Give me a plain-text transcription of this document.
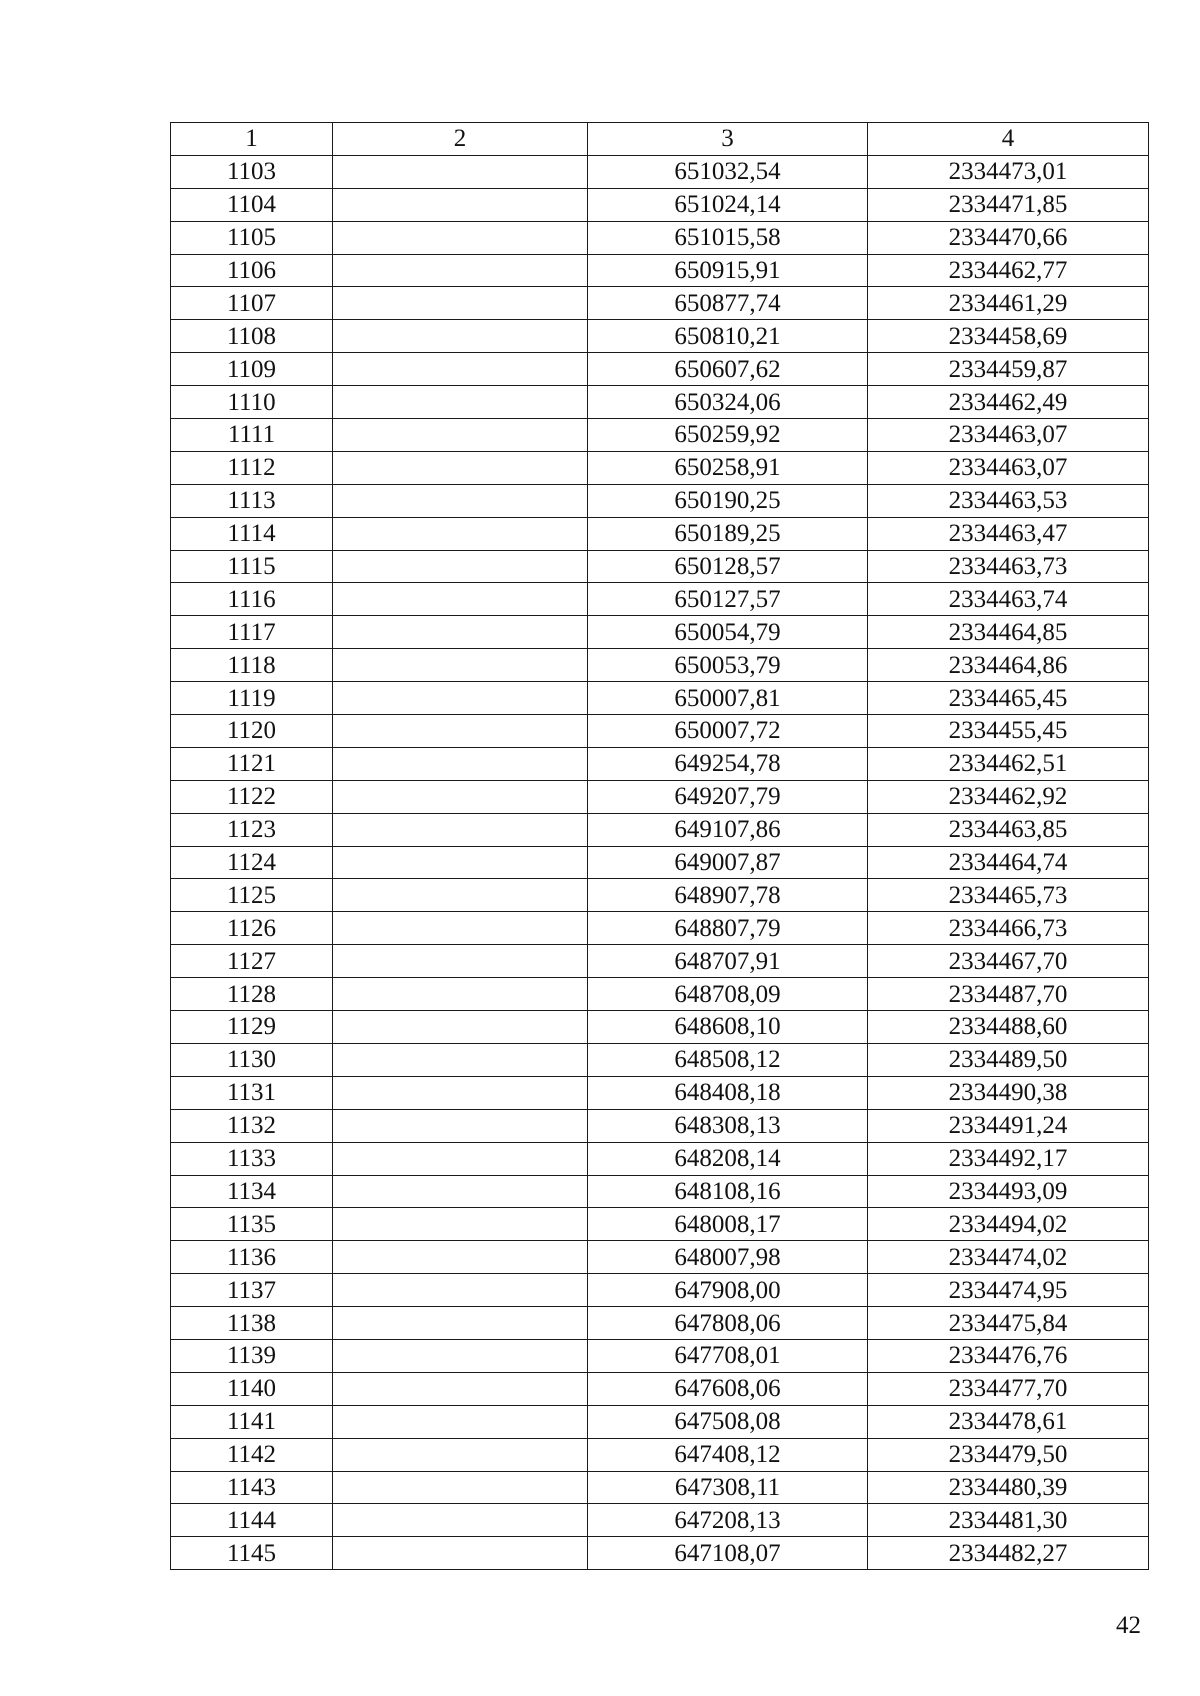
1	2	3	4
1103		651032,54	2334473,01
1104		651024,14	2334471,85
1105		651015,58	2334470,66
1106		650915,91	2334462,77
1107		650877,74	2334461,29
1108		650810,21	2334458,69
1109		650607,62	2334459,87
1110		650324,06	2334462,49
1111		650259,92	2334463,07
1112		650258,91	2334463,07
1113		650190,25	2334463,53
1114		650189,25	2334463,47
1115		650128,57	2334463,73
1116		650127,57	2334463,74
1117		650054,79	2334464,85
1118		650053,79	2334464,86
1119		650007,81	2334465,45
1120		650007,72	2334455,45
1121		649254,78	2334462,51
1122		649207,79	2334462,92
1123		649107,86	2334463,85
1124		649007,87	2334464,74
1125		648907,78	2334465,73
1126		648807,79	2334466,73
1127		648707,91	2334467,70
1128		648708,09	2334487,70
1129		648608,10	2334488,60
1130		648508,12	2334489,50
1131		648408,18	2334490,38
1132		648308,13	2334491,24
1133		648208,14	2334492,17
1134		648108,16	2334493,09
1135		648008,17	2334494,02
1136		648007,98	2334474,02
1137		647908,00	2334474,95
1138		647808,06	2334475,84
1139		647708,01	2334476,76
1140		647608,06	2334477,70
1141		647508,08	2334478,61
1142		647408,12	2334479,50
1143		647308,11	2334480,39
1144		647208,13	2334481,30
1145		647108,07	2334482,27
42
